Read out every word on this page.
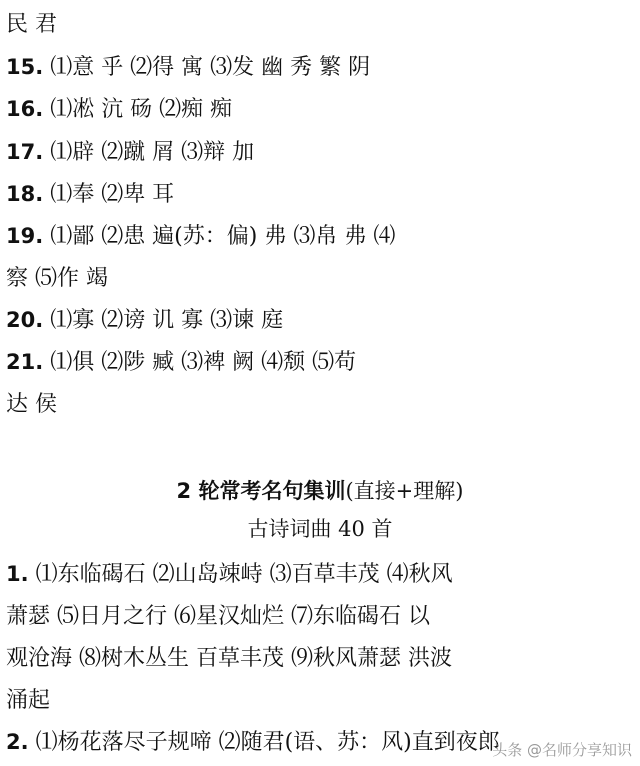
民 君
15. ⑴意 乎 ⑵得 寓 ⑶发 幽 秀 繁 阴
16. ⑴凇 沆 砀 ⑵痴 痴
17. ⑴辟 ⑵蹴 屑 ⑶辩 加
18. ⑴奉 ⑵卑 耳
19. ⑴鄙 ⑵患 遍(苏：偏) 弗 ⑶帛 弗 ⑷
察 ⑸作 竭
20. ⑴寡 ⑵谤 讥 寡 ⑶谏 庭
21. ⑴俱 ⑵陟 臧 ⑶裨 阙 ⑷颓 ⑸苟
达 侯
2 轮常考名句集训(直接+理解)
古诗词曲 40 首
1. ⑴东临碣石 ⑵山岛竦峙 ⑶百草丰茂 ⑷秋风
萧瑟 ⑸日月之行 ⑹星汉灿烂 ⑺东临碣石 以
观沧海 ⑻树木丛生 百草丰茂 ⑼秋风萧瑟 洪波
涌起
2. ⑴杨花落尽子规啼 ⑵随君(语、苏：风)直到夜郎
头条 @名师分享知识
